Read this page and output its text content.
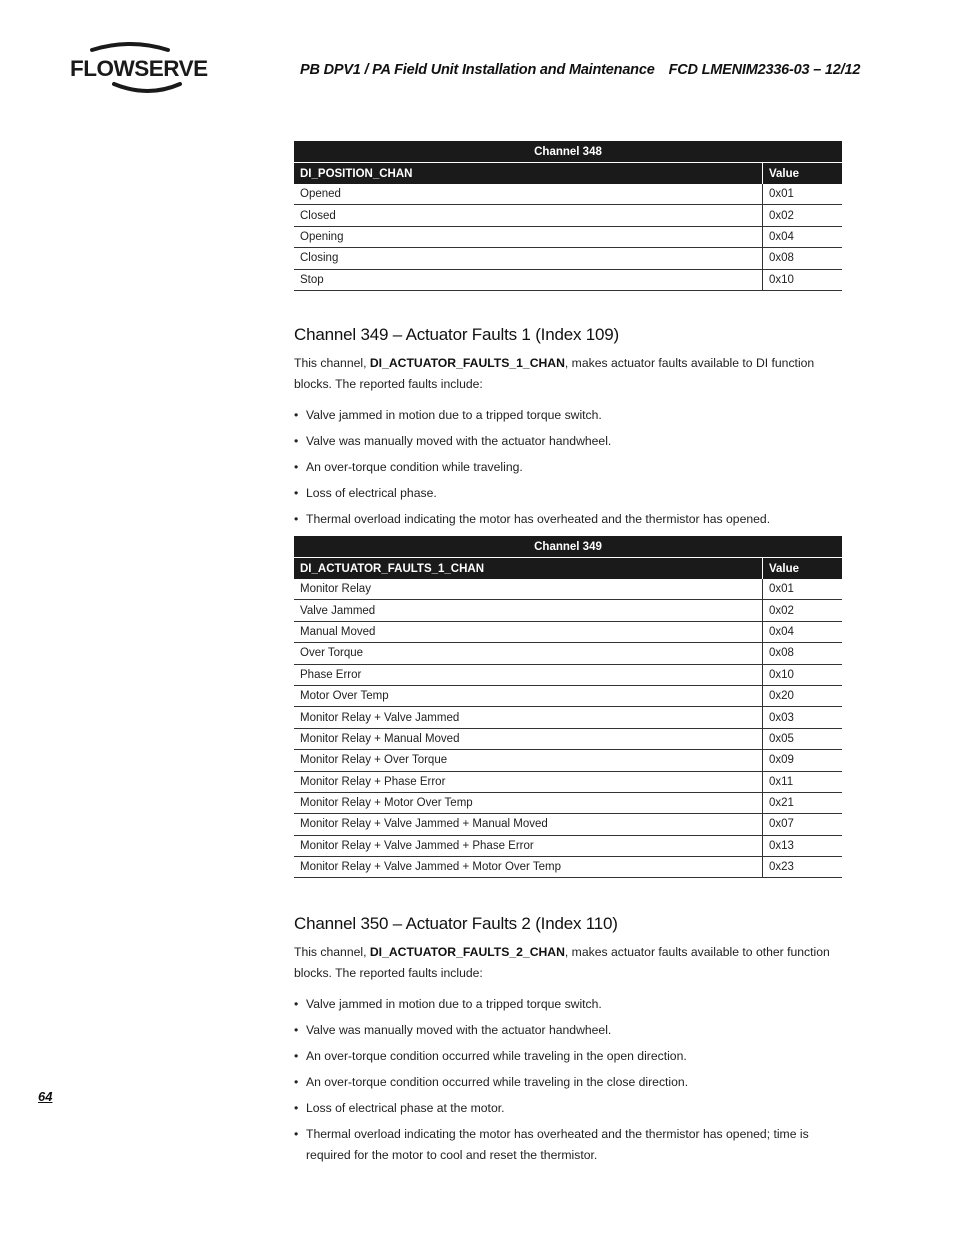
FLOWSERVE	PB DPV1 / PA Field Unit Installation and Maintenance FCD LMENIM2336-03 – 12/12
Channel 348	
DI_POSITION_CHAN	Value
Opened	0x01
Closed	0x02
Opening	0x04
Closing	0x08
Stop	0x10
Channel 349 – Actuator Faults 1 (Index 109)
This channel, DI_ACTUATOR_FAULTS_1_CHAN, makes actuator faults available to DI function blocks. The reported faults include:
• Valve jammed in motion due to a tripped torque switch.
• Valve was manually moved with the actuator handwheel.
• An over-torque condition while traveling.
• Loss of electrical phase.
• Thermal overload indicating the motor has overheated and the thermistor has opened.
Channel 349	
DI_ACTUATOR_FAULTS_1_CHAN	Value
Monitor Relay	0x01
Valve Jammed	0x02
Manual Moved	0x04
Over Torque	0x08
Phase Error	0x10
Motor Over Temp	0x20
Monitor Relay + Valve Jammed	0x03
Monitor Relay + Manual Moved	0x05
Monitor Relay + Over Torque	0x09
Monitor Relay + Phase Error	0x11
Monitor Relay + Motor Over Temp	0x21
Monitor Relay + Valve Jammed + Manual Moved	0x07
Monitor Relay + Valve Jammed + Phase Error	0x13
Monitor Relay + Valve Jammed + Motor Over Temp	0x23
Channel 350 – Actuator Faults 2 (Index 110)
This channel, DI_ACTUATOR_FAULTS_2_CHAN, makes actuator faults available to other function blocks. The reported faults include:
• Valve jammed in motion due to a tripped torque switch.
• Valve was manually moved with the actuator handwheel.
• An over-torque condition occurred while traveling in the open direction.
• An over-torque condition occurred while traveling in the close direction.
• Loss of electrical phase at the motor.
• Thermal overload indicating the motor has overheated and the thermistor has opened; time is required for the motor to cool and reset the thermistor.
64
